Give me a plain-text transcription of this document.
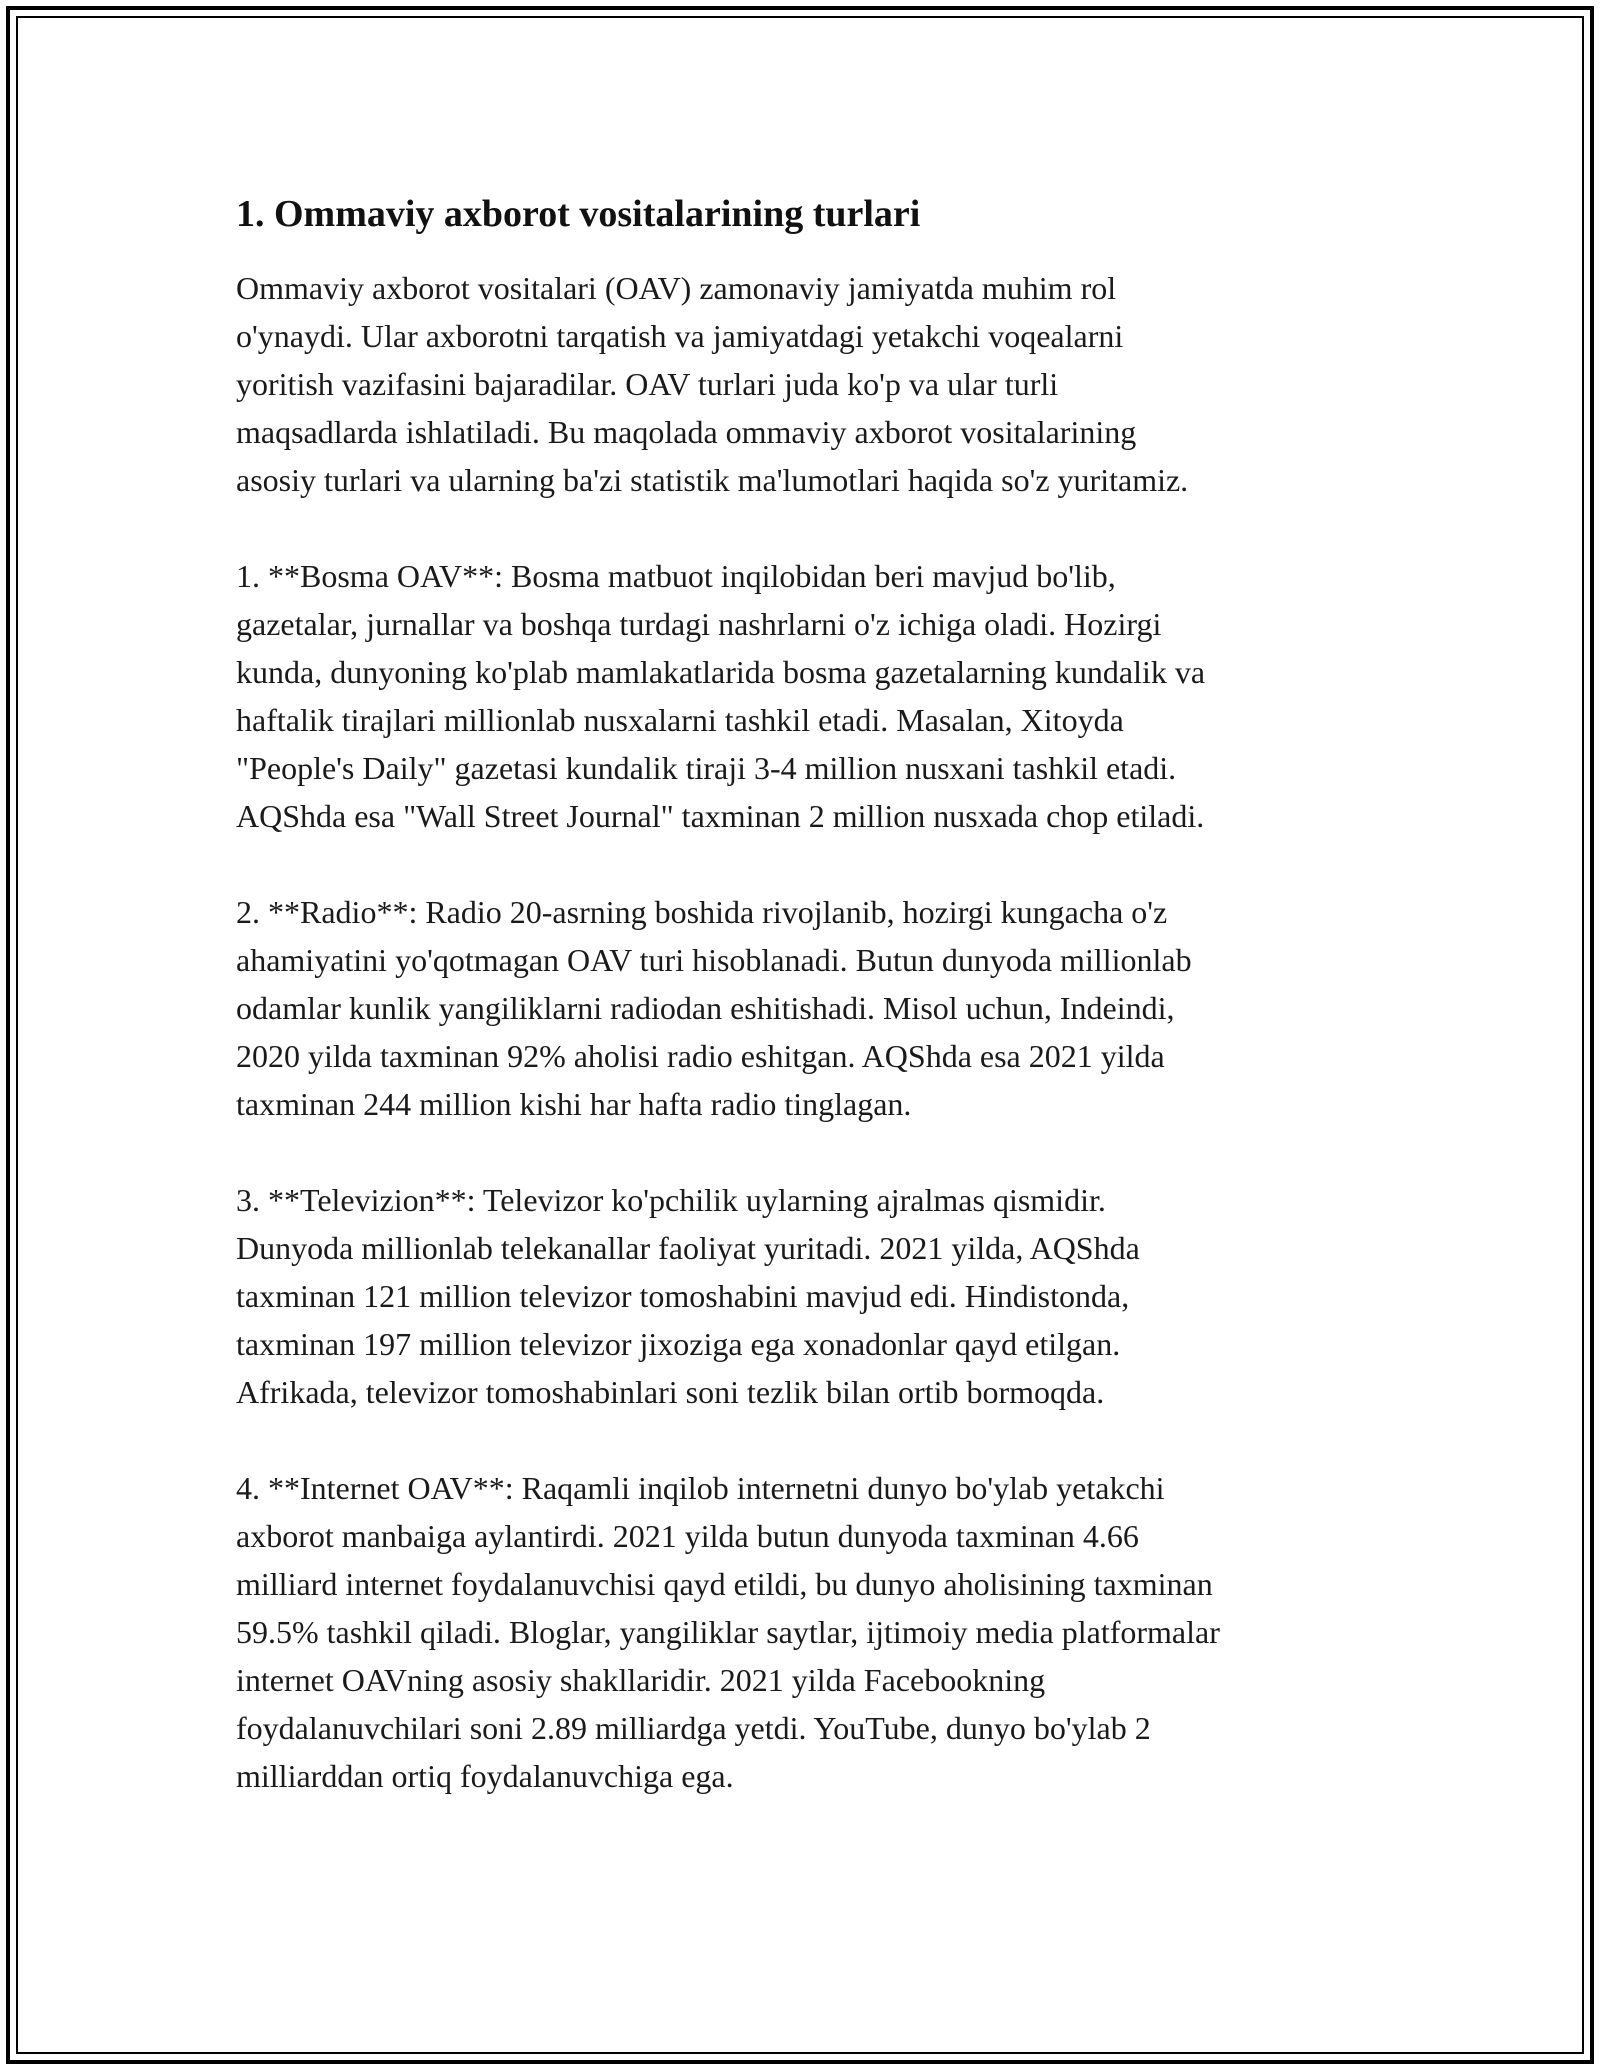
1. Ommaviy axborot vositalarining turlari

Ommaviy axborot vositalari (OAV) zamonaviy jamiyatda muhim rol
o'ynaydi. Ular axborotni tarqatish va jamiyatdagi yetakchi voqealarni
yoritish vazifasini bajaradilar. OAV turlari juda ko'p va ular turli
maqsadlarda ishlatiladi. Bu maqolada ommaviy axborot vositalarining
asosiy turlari va ularning ba'zi statistik ma'lumotlari haqida so'z yuritamiz.

1. **Bosma OAV**: Bosma matbuot inqilobidan beri mavjud bo'lib,
gazetalar, jurnallar va boshqa turdagi nashrlarni o'z ichiga oladi. Hozirgi
kunda, dunyoning ko'plab mamlakatlarida bosma gazetalarning kundalik va
haftalik tirajlari millionlab nusxalarni tashkil etadi. Masalan, Xitoyda
"People's Daily" gazetasi kundalik tiraji 3-4 million nusxani tashkil etadi.
AQShda esa "Wall Street Journal" taxminan 2 million nusxada chop etiladi.

2. **Radio**: Radio 20-asrning boshida rivojlanib, hozirgi kungacha o'z
ahamiyatini yo'qotmagan OAV turi hisoblanadi. Butun dunyoda millionlab
odamlar kunlik yangiliklarni radiodan eshitishadi. Misol uchun, Indeindi,
2020 yilda taxminan 92% aholisi radio eshitgan. AQShda esa 2021 yilda
taxminan 244 million kishi har hafta radio tinglagan.

3. **Televizion**: Televizor ko'pchilik uylarning ajralmas qismidir.
Dunyoda millionlab telekanallar faoliyat yuritadi. 2021 yilda, AQShda
taxminan 121 million televizor tomoshabini mavjud edi. Hindistonda,
taxminan 197 million televizor jixoziga ega xonadonlar qayd etilgan.
Afrikada, televizor tomoshabinlari soni tezlik bilan ortib bormoqda.

4. **Internet OAV**: Raqamli inqilob internetni dunyo bo'ylab yetakchi
axborot manbaiga aylantirdi. 2021 yilda butun dunyoda taxminan 4.66
milliard internet foydalanuvchisi qayd etildi, bu dunyo aholisining taxminan
59.5% tashkil qiladi. Bloglar, yangiliklar saytlar, ijtimoiy media platformalar
internet OAVning asosiy shakllaridir. 2021 yilda Facebookning
foydalanuvchilari soni 2.89 milliardga yetdi. YouTube, dunyo bo'ylab 2
milliarddan ortiq foydalanuvchiga ega.
